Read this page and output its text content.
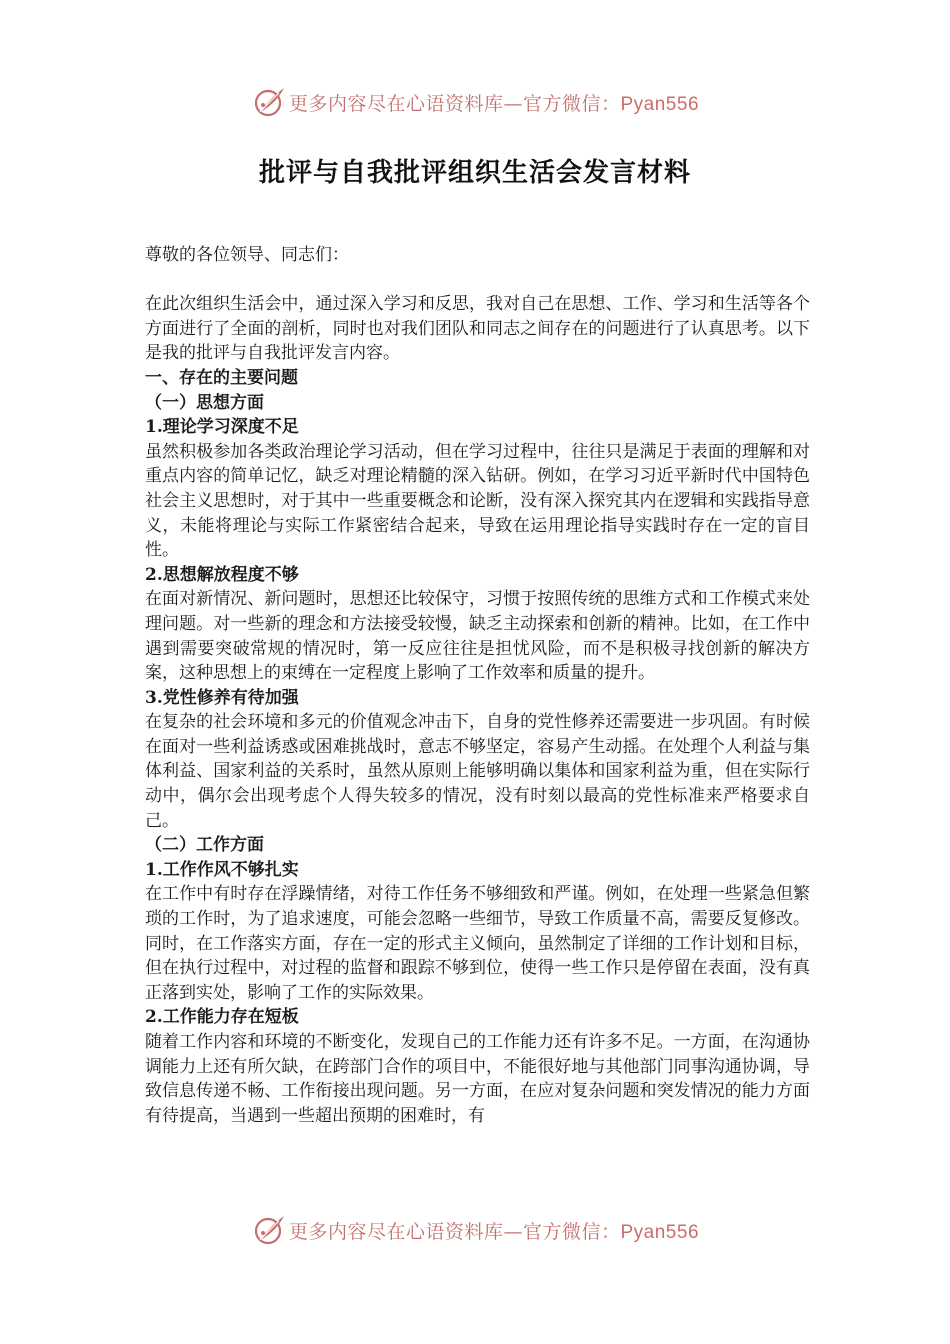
更多内容尽在心语资料库—官方微信：Pyan556
批评与自我批评组织生活会发言材料

尊敬的各位领导、同志们：

在此次组织生活会中，通过深入学习和反思，我对自己在思想、工作、学习和生活等各个方面进行了全面的剖析，同时也对我们团队和同志之间存在的问题进行了认真思考。以下是我的批评与自我批评发言内容。

一、存在的主要问题

（一）思想方面

1.理论学习深度不足

虽然积极参加各类政治理论学习活动，但在学习过程中，往往只是满足于表面的理解和对重点内容的简单记忆，缺乏对理论精髓的深入钻研。例如，在学习习近平新时代中国特色社会主义思想时，对于其中一些重要概念和论断，没有深入探究其内在逻辑和实践指导意义，未能将理论与实际工作紧密结合起来，导致在运用理论指导实践时存在一定的盲目性。

2.思想解放程度不够

在面对新情况、新问题时，思想还比较保守，习惯于按照传统的思维方式和工作模式来处理问题。对一些新的理念和方法接受较慢，缺乏主动探索和创新的精神。比如，在工作中遇到需要突破常规的情况时，第一反应往往是担忧风险，而不是积极寻找创新的解决方案，这种思想上的束缚在一定程度上影响了工作效率和质量的提升。

3.党性修养有待加强

在复杂的社会环境和多元的价值观念冲击下，自身的党性修养还需要进一步巩固。有时候在面对一些利益诱惑或困难挑战时，意志不够坚定，容易产生动摇。在处理个人利益与集体利益、国家利益的关系时，虽然从原则上能够明确以集体和国家利益为重，但在实际行动中，偶尔会出现考虑个人得失较多的情况，没有时刻以最高的党性标准来严格要求自己。

（二）工作方面

1.工作作风不够扎实

在工作中有时存在浮躁情绪，对待工作任务不够细致和严谨。例如，在处理一些紧急但繁琐的工作时，为了追求速度，可能会忽略一些细节，导致工作质量不高，需要反复修改。同时，在工作落实方面，存在一定的形式主义倾向，虽然制定了详细的工作计划和目标，但在执行过程中，对过程的监督和跟踪不够到位，使得一些工作只是停留在表面，没有真正落到实处，影响了工作的实际效果。

2.工作能力存在短板

随着工作内容和环境的不断变化，发现自己的工作能力还有许多不足。一方面，在沟通协调能力上还有所欠缺，在跨部门合作的项目中，不能很好地与其他部门同事沟通协调，导致信息传递不畅、工作衔接出现问题。另一方面，在应对复杂问题和突发情况的能力方面有待提高，当遇到一些超出预期的困难时，有

更多内容尽在心语资料库—官方微信：Pyan556
